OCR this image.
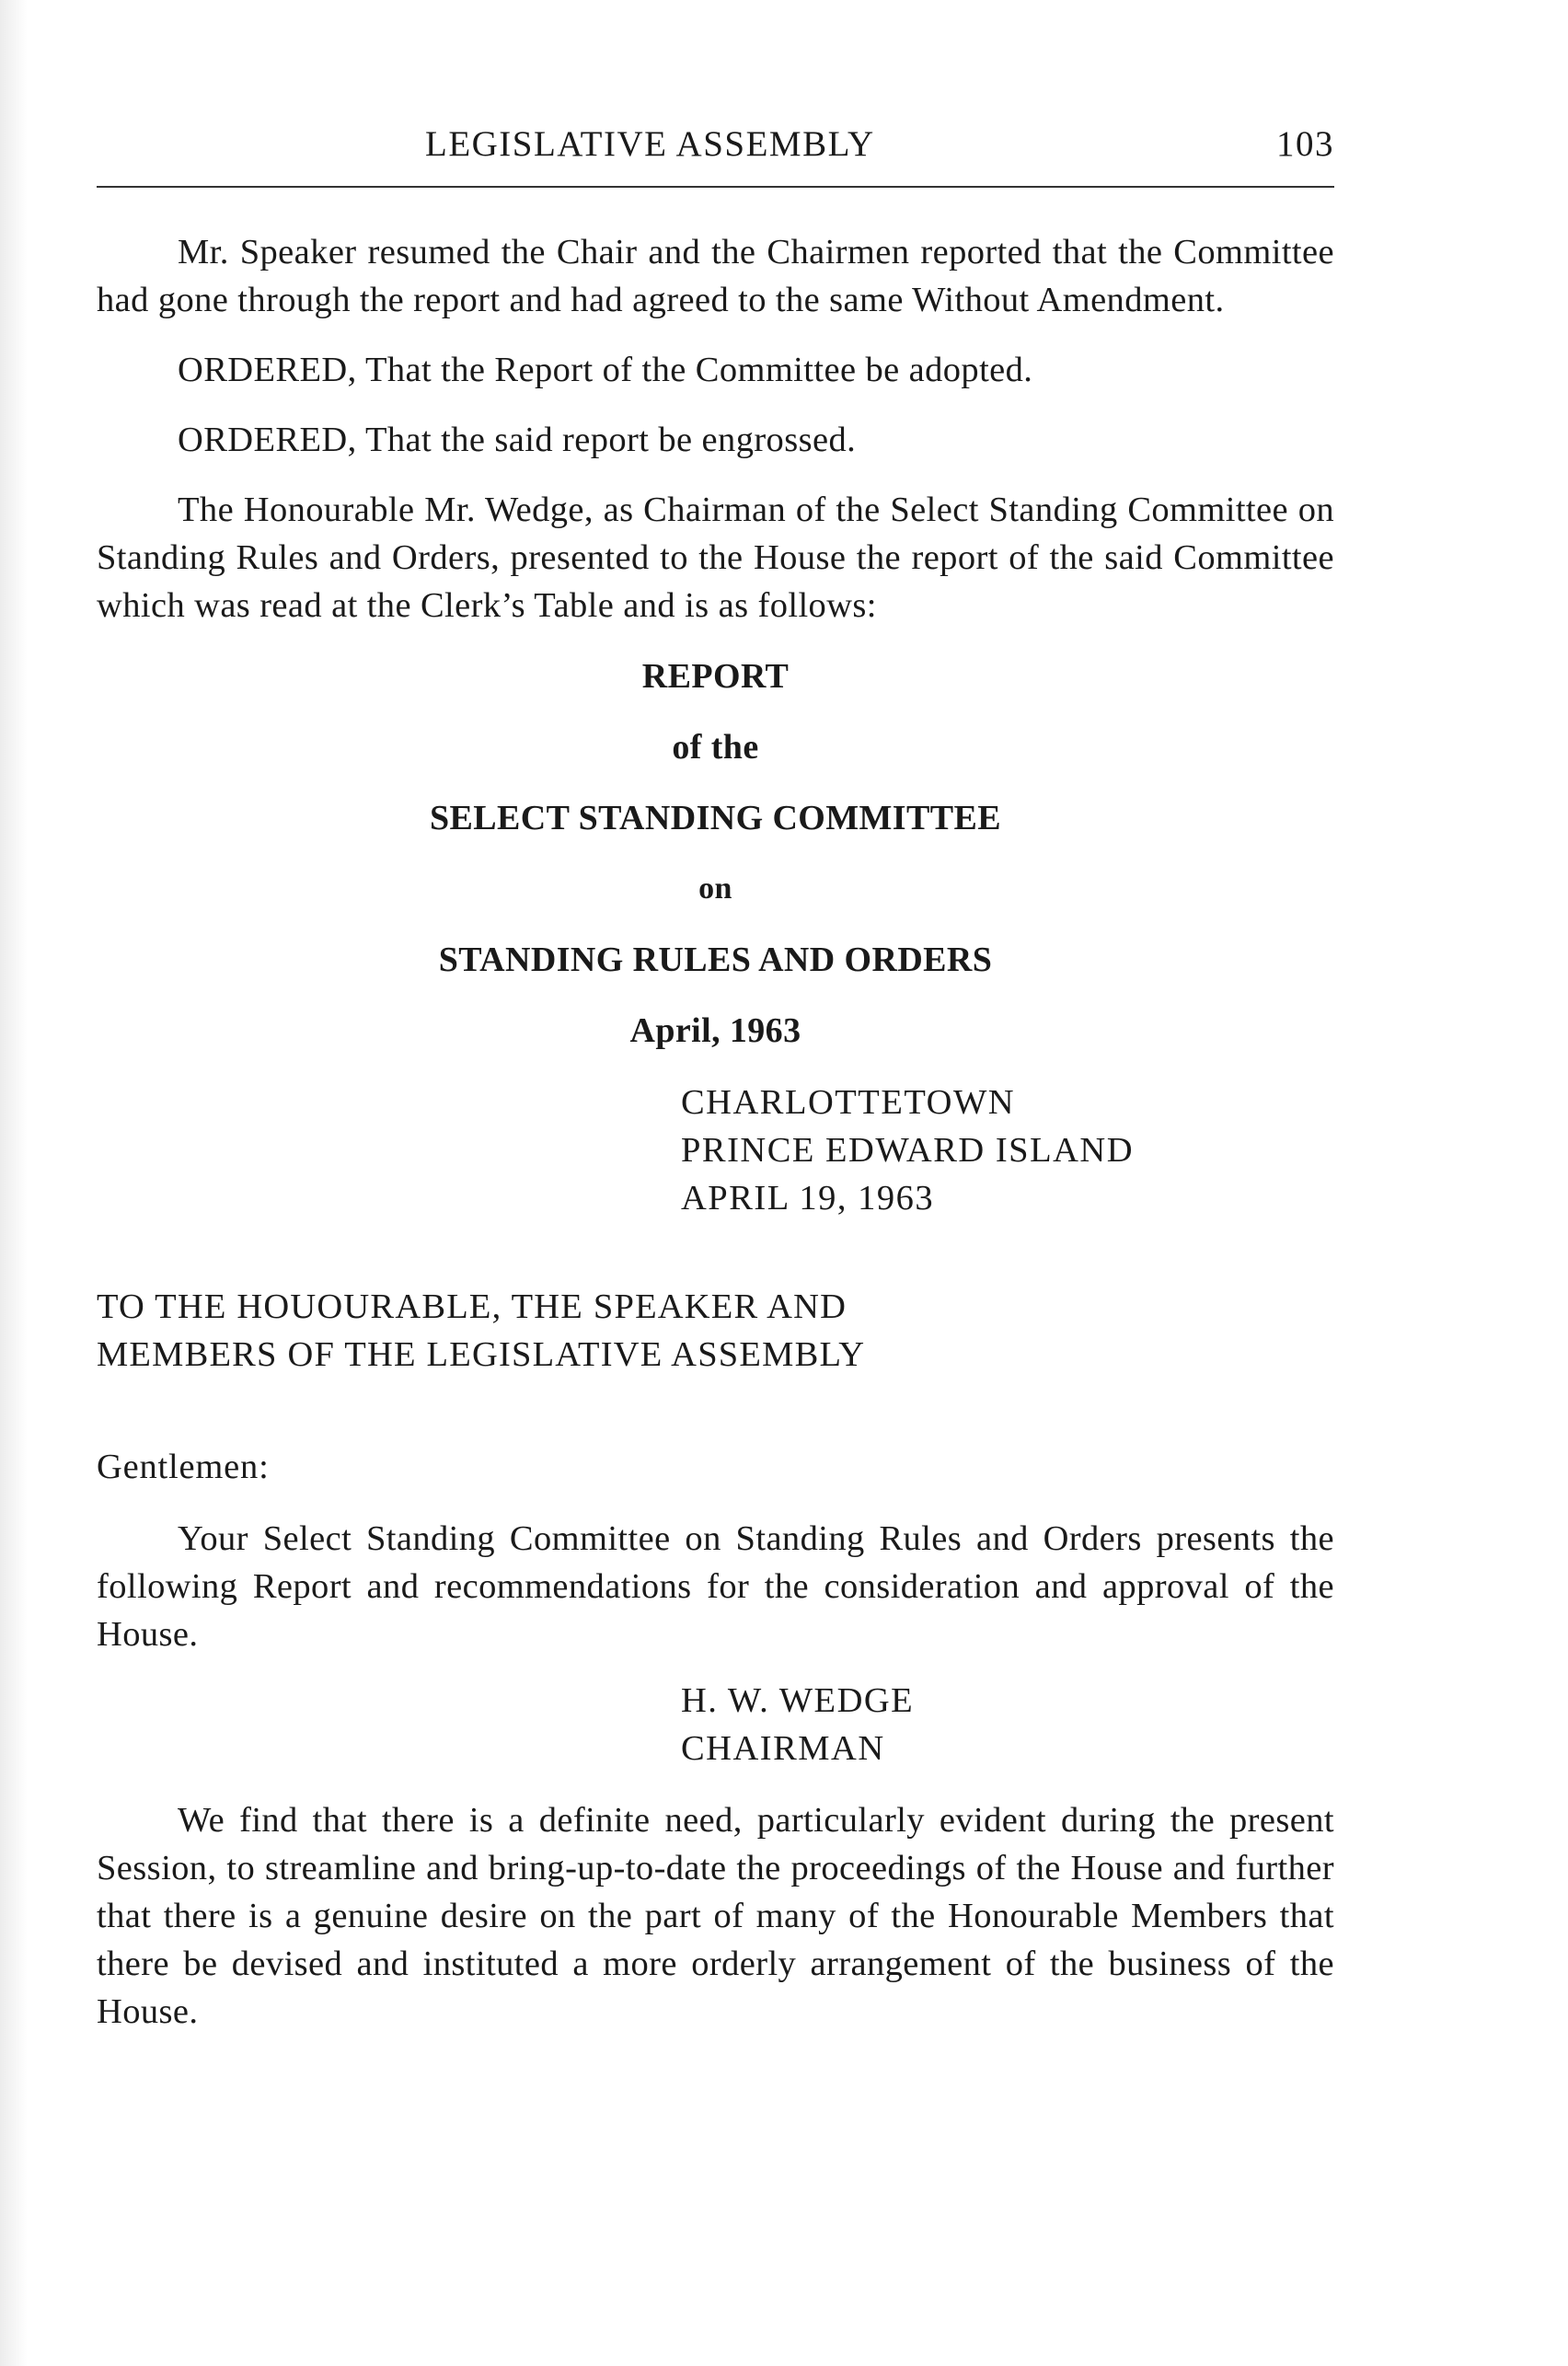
LEGISLATIVE ASSEMBLY	103

Mr. Speaker resumed the Chair and the Chairmen reported that the Committee had gone through the report and had agreed to the same Without Amendment.

ORDERED, That the Report of the Committee be adopted.

ORDERED, That the said report be engrossed.

The Honourable Mr. Wedge, as Chairman of the Select Standing Committee on Standing Rules and Orders, presented to the House the report of the said Committee which was read at the Clerk’s Table and is as follows:

REPORT
of the
SELECT STANDING COMMITTEE
on
STANDING RULES AND ORDERS
April, 1963
CHARLOTTETOWN
PRINCE EDWARD ISLAND
APRIL 19, 1963
TO THE HOUOURABLE, THE SPEAKER AND
MEMBERS OF THE LEGISLATIVE ASSEMBLY
Gentlemen:

Your Select Standing Committee on Standing Rules and Orders presents the following Report and recommendations for the consideration and approval of the House.

H. W. WEDGE
CHAIRMAN

We find that there is a definite need, particularly evident during the present Session, to streamline and bring-up-to-date the proceedings of the House and further that there is a genuine desire on the part of many of the Honourable Members that there be devised and instituted a more orderly arrangement of the business of the House.
